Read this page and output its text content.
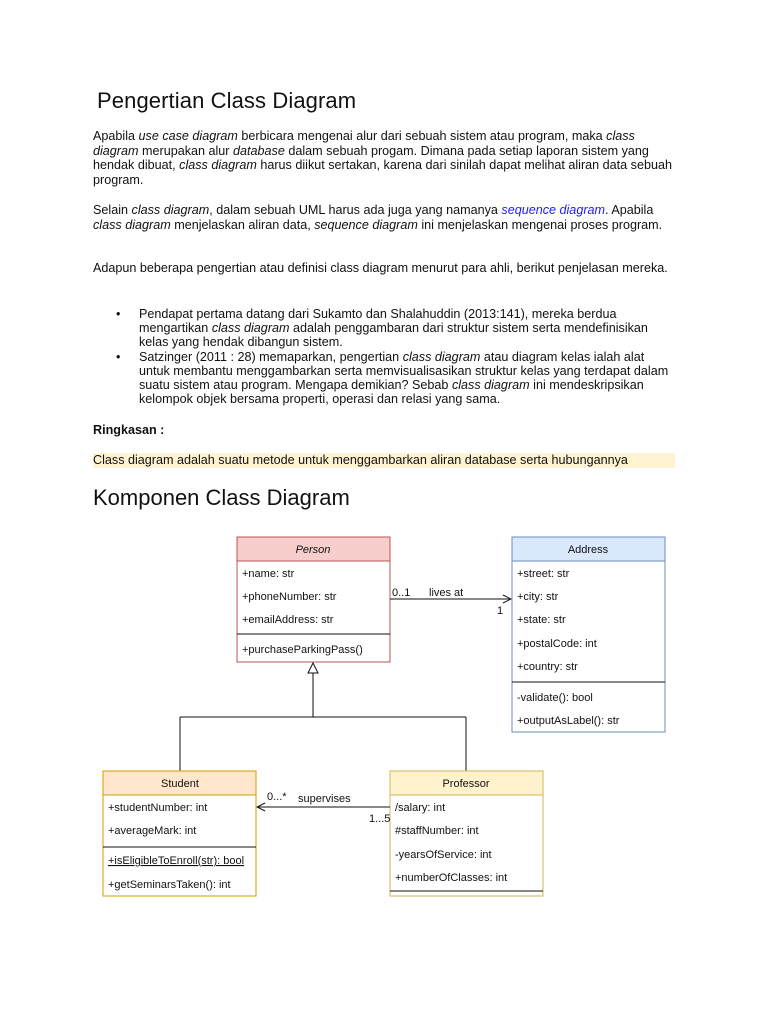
Pengertian Class Diagram

Apabila use case diagram berbicara mengenai alur dari sebuah sistem atau program, maka class diagram merupakan alur database dalam sebuah progam. Dimana pada setiap laporan sistem yang hendak dibuat, class diagram harus diikut sertakan, karena dari sinilah dapat melihat aliran data sebuah program.

Selain class diagram, dalam sebuah UML harus ada juga yang namanya sequence diagram. Apabila class diagram menjelaskan aliran data, sequence diagram ini menjelaskan mengenai proses program.

Adapun beberapa pengertian atau definisi class diagram menurut para ahli, berikut penjelasan mereka.

• Pendapat pertama datang dari Sukamto dan Shalahuddin (2013:141), mereka berdua mengartikan class diagram adalah penggambaran dari struktur sistem serta mendefinisikan kelas yang hendak dibangun sistem.
• Satzinger (2011 : 28) memaparkan, pengertian class diagram atau diagram kelas ialah alat untuk membantu menggambarkan serta memvisualisasikan struktur kelas yang terdapat dalam suatu sistem atau program. Mengapa demikian? Sebab class diagram ini mendeskripsikan kelompok objek bersama properti, operasi dan relasi yang sama.

Ringkasan :

Class diagram adalah suatu metode untuk menggambarkan aliran database serta hubungannya

Komponen Class Diagram
Person
+name: str
+phoneNumber: str
+emailAddress: str
+purchaseParkingPass()
Address
+street: str
+city: str
+state: str
+postalCode: int
+country: str
-validate(): bool
+outputAsLabel(): str
0..1 lives at
1
Student
+studentNumber: int
+averageMark: int
+isEligibleToEnroll(str): bool
+getSeminarsTaken(): int
Professor
/salary: int
#staffNumber: int
-yearsOfService: int
+numberOfClasses: int
0...* supervises
1...5
